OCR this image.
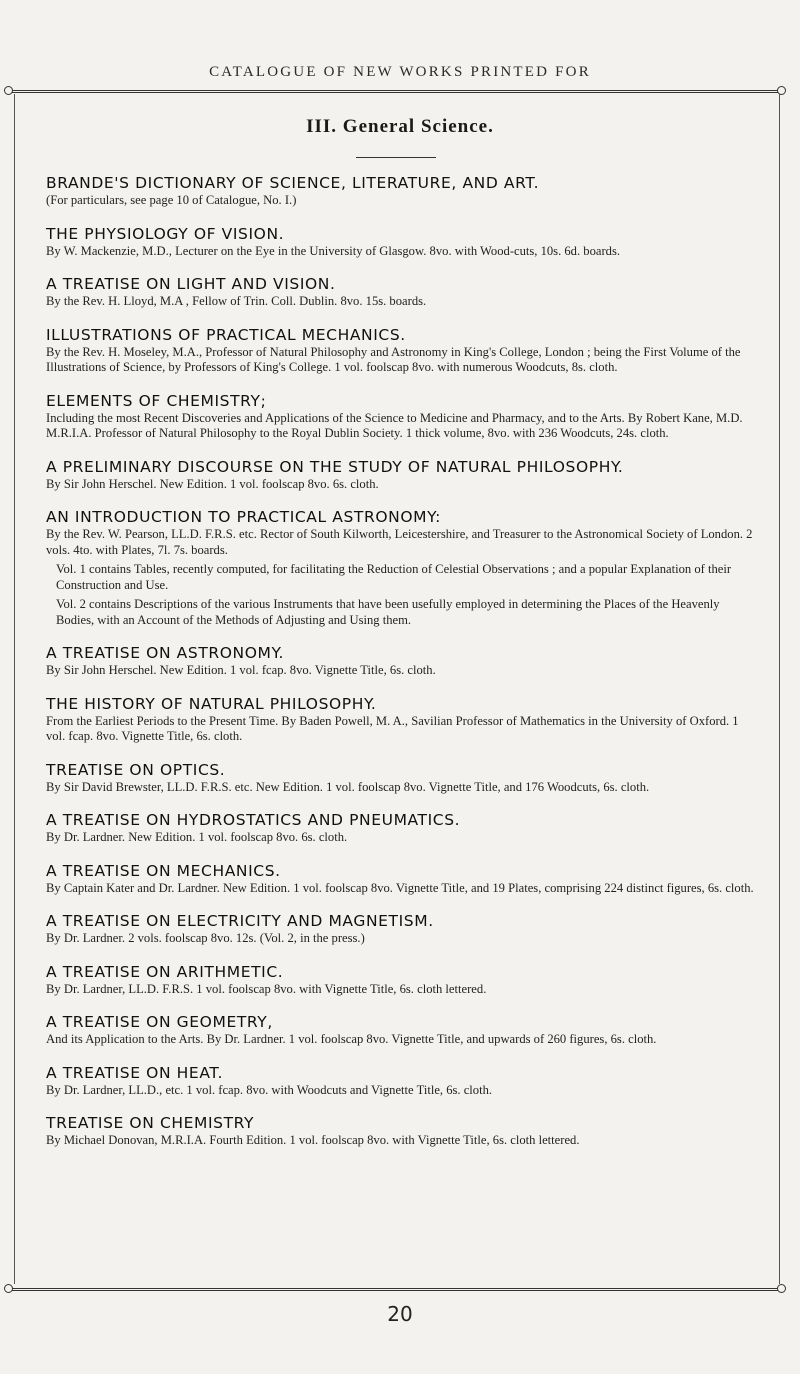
CATALOGUE OF NEW WORKS PRINTED FOR
III. General Science.
BRANDE'S DICTIONARY OF SCIENCE, LITERATURE, AND ART.
(For particulars, see page 10 of Catalogue, No. I.)
THE PHYSIOLOGY OF VISION.
By W. Mackenzie, M.D., Lecturer on the Eye in the University of Glasgow. 8vo. with Wood-cuts, 10s. 6d. boards.
A TREATISE ON LIGHT AND VISION.
By the Rev. H. Lloyd, M.A , Fellow of Trin. Coll. Dublin. 8vo. 15s. boards.
ILLUSTRATIONS OF PRACTICAL MECHANICS.
By the Rev. H. Moseley, M.A., Professor of Natural Philosophy and Astronomy in King's College, London ; being the First Volume of the Illustrations of Science, by Professors of King's College. 1 vol. foolscap 8vo. with numerous Woodcuts, 8s. cloth.
ELEMENTS OF CHEMISTRY;
Including the most Recent Discoveries and Applications of the Science to Medicine and Pharmacy, and to the Arts. By Robert Kane, M.D. M.R.I.A. Professor of Natural Philosophy to the Royal Dublin Society. 1 thick volume, 8vo. with 236 Woodcuts, 24s. cloth.
A PRELIMINARY DISCOURSE ON THE STUDY OF NATURAL PHILOSOPHY.
By Sir John Herschel. New Edition. 1 vol. foolscap 8vo. 6s. cloth.
AN INTRODUCTION TO PRACTICAL ASTRONOMY:
By the Rev. W. Pearson, LL.D. F.R.S. etc. Rector of South Kilworth, Leicestershire, and Treasurer to the Astronomical Society of London. 2 vols. 4to. with Plates, 7l. 7s. boards.
Vol. 1 contains Tables, recently computed, for facilitating the Reduction of Celestial Observations ; and a popular Explanation of their Construction and Use.
Vol. 2 contains Descriptions of the various Instruments that have been usefully employed in determining the Places of the Heavenly Bodies, with an Account of the Methods of Adjusting and Using them.
A TREATISE ON ASTRONOMY.
By Sir John Herschel. New Edition. 1 vol. fcap. 8vo. Vignette Title, 6s. cloth.
THE HISTORY OF NATURAL PHILOSOPHY.
From the Earliest Periods to the Present Time. By Baden Powell, M. A., Savilian Professor of Mathematics in the University of Oxford. 1 vol. fcap. 8vo. Vignette Title, 6s. cloth.
TREATISE ON OPTICS.
By Sir David Brewster, LL.D. F.R.S. etc. New Edition. 1 vol. foolscap 8vo. Vignette Title, and 176 Woodcuts, 6s. cloth.
A TREATISE ON HYDROSTATICS AND PNEUMATICS.
By Dr. Lardner. New Edition. 1 vol. foolscap 8vo. 6s. cloth.
A TREATISE ON MECHANICS.
By Captain Kater and Dr. Lardner. New Edition. 1 vol. foolscap 8vo. Vignette Title, and 19 Plates, comprising 224 distinct figures, 6s. cloth.
A TREATISE ON ELECTRICITY AND MAGNETISM.
By Dr. Lardner. 2 vols. foolscap 8vo. 12s. (Vol. 2, in the press.)
A TREATISE ON ARITHMETIC.
By Dr. Lardner, LL.D. F.R.S. 1 vol. foolscap 8vo. with Vignette Title, 6s. cloth lettered.
A TREATISE ON GEOMETRY,
And its Application to the Arts. By Dr. Lardner. 1 vol. foolscap 8vo. Vignette Title, and upwards of 260 figures, 6s. cloth.
A TREATISE ON HEAT.
By Dr. Lardner, LL.D., etc. 1 vol. fcap. 8vo. with Woodcuts and Vignette Title, 6s. cloth.
TREATISE ON CHEMISTRY
By Michael Donovan, M.R.I.A. Fourth Edition. 1 vol. foolscap 8vo. with Vignette Title, 6s. cloth lettered.
20
